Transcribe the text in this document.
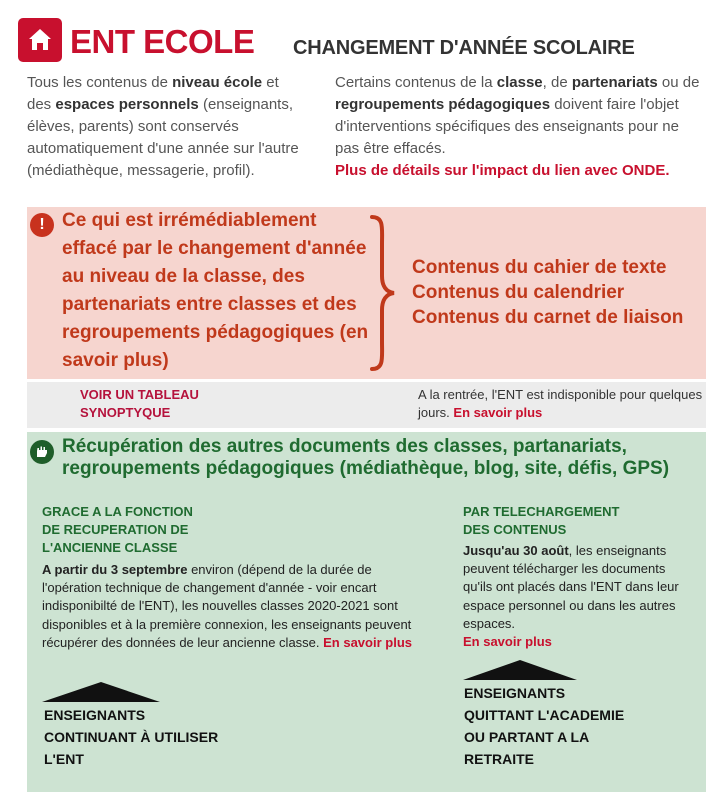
ENT ECOLE CHANGEMENT D'ANNÉE SCOLAIRE
Tous les contenus de niveau école et des espaces personnels (enseignants, élèves, parents) sont conservés automatiquement d'une année sur l'autre (médiathèque, messagerie, profil).
Certains contenus de la classe, de partenariats ou de regroupements pédagogiques doivent faire l'objet d'interventions spécifiques des enseignants pour ne pas être effacés.
Plus de détails sur l'impact du lien avec ONDE.
! Ce qui est irrémédiablement effacé par le changement d'année au niveau de la classe, des partenariats entre classes et des regroupements pédagogiques (en savoir plus)
Contenus du cahier de texte
Contenus du calendrier
Contenus du carnet de liaison
VOIR UN TABLEAU SYNOPTYQUE
A la rentrée, l'ENT est indisponible pour quelques jours. En savoir plus
Récupération des autres documents des classes, partanariats, regroupements pédagogiques (médiathèque, blog, site, défis, GPS)
GRACE A LA FONCTION
DE RECUPERATION DE
L'ANCIENNE CLASSE
A partir du 3 septembre environ (dépend de la durée de l'opération technique de changement d'année - voir encart indisponibilté de l'ENT), les nouvelles classes 2020-2021 sont disponibles et à la première connexion, les enseignants peuvent récupérer des données de leur ancienne classe. En savoir plus
ENSEIGNANTS
CONTINUANT À UTILISER
L'ENT
PAR TELECHARGEMENT
DES CONTENUS
Jusqu'au 30 août, les enseignants peuvent télécharger les documents qu'ils ont placés dans l'ENT dans leur espace personnel ou dans les autres espaces.
En savoir plus
ENSEIGNANTS
QUITTANT L'ACADEMIE
OU PARTANT A LA
RETRAITE
